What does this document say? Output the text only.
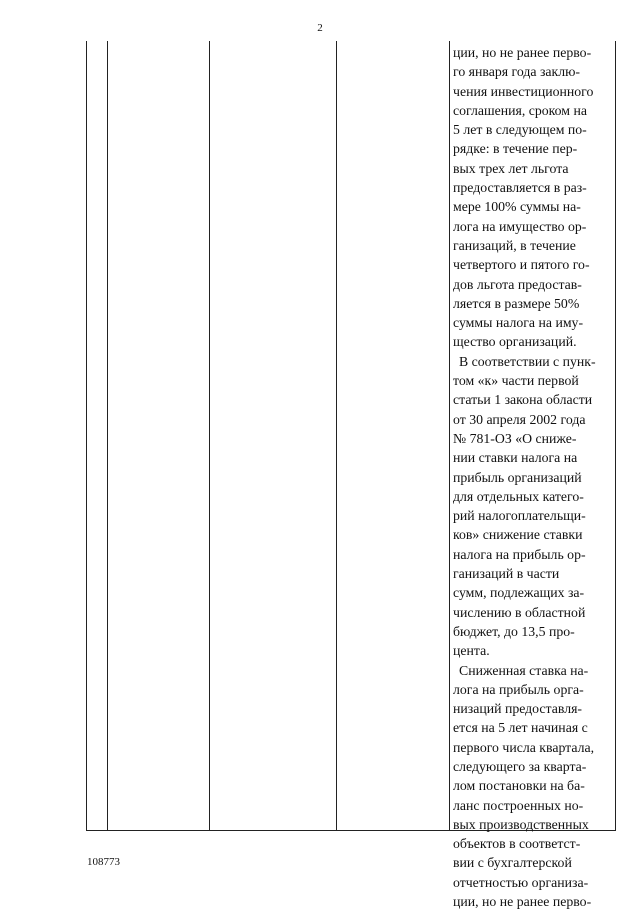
2
ции, но не ранее перво-
го января года заклю-
чения инвестиционного
соглашения, сроком на
5 лет в следующем по-
рядке: в течение пер-
вых трех лет льгота
предоставляется в раз-
мере 100% суммы на-
лога на имущество ор-
ганизаций, в течение
четвертого и пятого го-
дов льгота предостав-
ляется в размере 50%
суммы налога на иму-
щество организаций.
В соответствии с пунк-
том «к» части первой
статьи 1 закона области
от 30 апреля 2002 года
№ 781-ОЗ «О сниже-
нии ставки налога на
прибыль организаций
для отдельных катего-
рий налогоплательщи-
ков» снижение ставки
налога на прибыль ор-
ганизаций в части
сумм, подлежащих за-
числению в областной
бюджет, до 13,5 про-
цента.
Сниженная ставка на-
лога на прибыль орга-
низаций предоставля-
ется на 5 лет начиная с
первого числа квартала,
следующего за кварта-
лом постановки на ба-
ланс построенных но-
вых производственных
объектов в соответст-
вии с бухгалтерской
отчетностью организа-
ции, но не ранее перво-
108773
